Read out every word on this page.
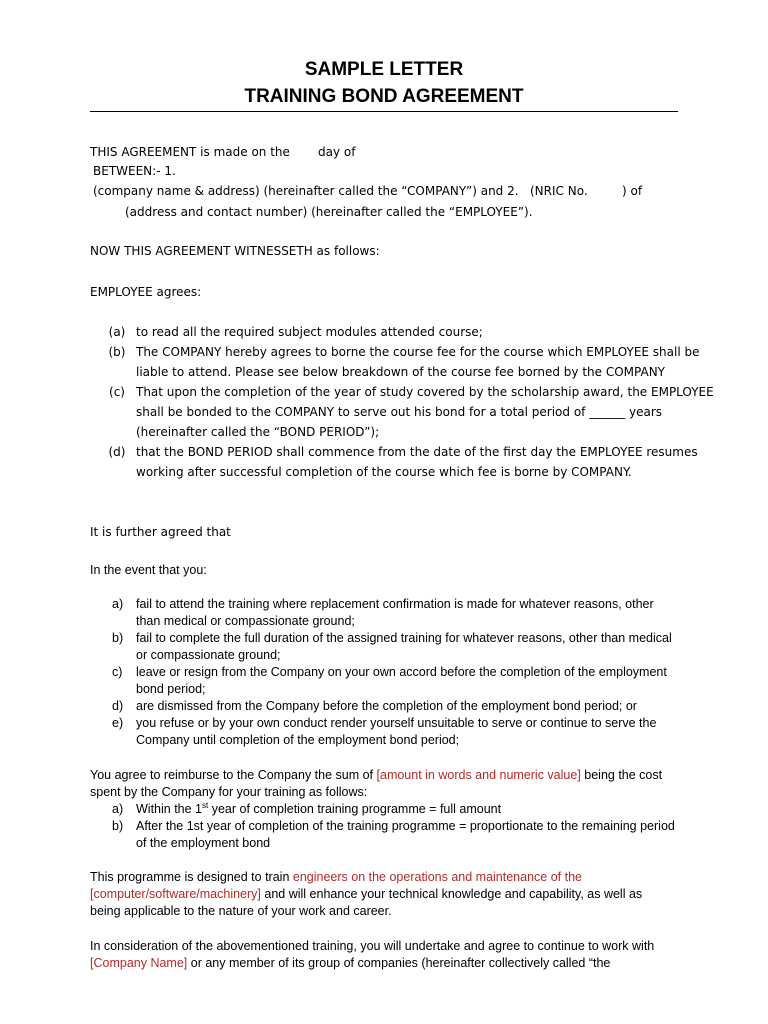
SAMPLE LETTER
TRAINING BOND AGREEMENT
THIS AGREEMENT is made on the day of
BETWEEN:- 1.
(company name & address) (hereinafter called the “COMPANY”) and 2. (NRIC No.	) of
(address and contact number) (hereinafter called the “EMPLOYEE”).
NOW THIS AGREEMENT WITNESSETH as follows:
EMPLOYEE agrees:
(a) to read all the required subject modules attended course;
(b) The COMPANY hereby agrees to borne the course fee for the course which EMPLOYEE shall be
liable to attend. Please see below breakdown of the course fee borned by the COMPANY
(c) That upon the completion of the year of study covered by the scholarship award, the EMPLOYEE
shall be bonded to the COMPANY to serve out his bond for a total period of ______ years
(hereinafter called the “BOND PERIOD”);
(d) that the BOND PERIOD shall commence from the date of the first day the EMPLOYEE resumes
working after successful completion of the course which fee is borne by COMPANY.
It is further agreed that
In the event that you:
a)	fail to attend the training where replacement confirmation is made for whatever reasons, other
than medical or compassionate ground;
b)	fail to complete the full duration of the assigned training for whatever reasons, other than medical
or compassionate ground;
c)	leave or resign from the Company on your own accord before the completion of the employment
bond period;
d)	are dismissed from the Company before the completion of the employment bond period; or
e)	you refuse or by your own conduct render yourself unsuitable to serve or continue to serve the
Company until completion of the employment bond period;
You agree to reimburse to the Company the sum of [amount in words and numeric value] being the cost
spent by the Company for your training as follows:
a)	Within the 1st year of completion training programme = full amount
b)	After the 1st year of completion of the training programme = proportionate to the remaining period
of the employment bond
This programme is designed to train engineers on the operations and maintenance of the
[computer/software/machinery] and will enhance your technical knowledge and capability, as well as
being applicable to the nature of your work and career.
In consideration of the abovementioned training, you will undertake and agree to continue to work with
[Company Name] or any member of its group of companies (hereinafter collectively called “the
